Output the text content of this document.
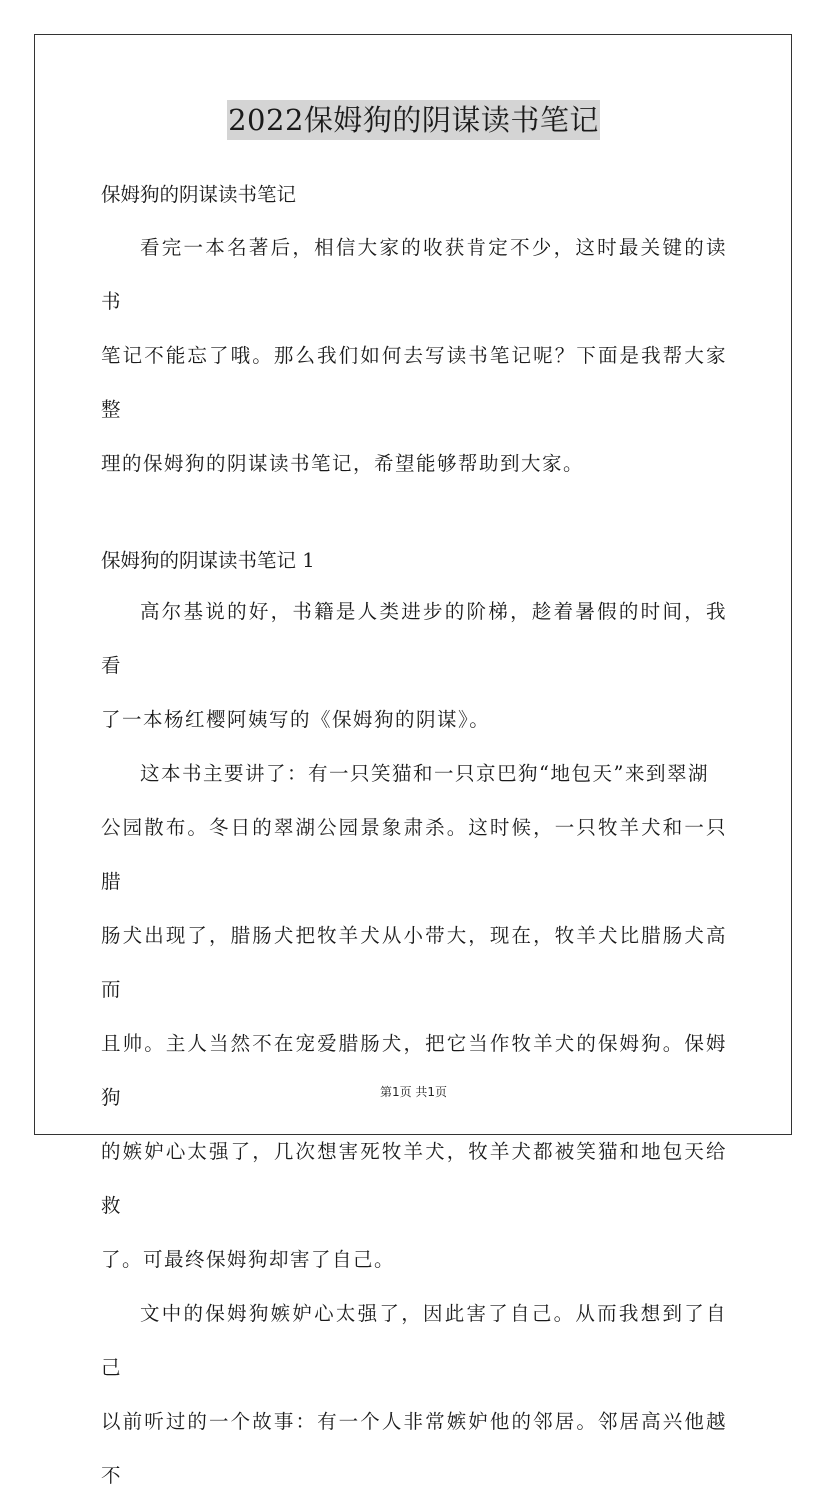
2022保姆狗的阴谋读书笔记

保姆狗的阴谋读书笔记

看完一本名著后，相信大家的收获肯定不少，这时最关键的读书
笔记不能忘了哦。那么我们如何去写读书笔记呢？下面是我帮大家整
理的保姆狗的阴谋读书笔记，希望能够帮助到大家。

保姆狗的阴谋读书笔记 1

高尔基说的好，书籍是人类进步的阶梯，趁着暑假的时间，我看
了一本杨红樱阿姨写的《保姆狗的阴谋》。

这本书主要讲了：有一只笑猫和一只京巴狗“地包天”来到翠湖
公园散布。冬日的翠湖公园景象肃杀。这时候，一只牧羊犬和一只腊
肠犬出现了，腊肠犬把牧羊犬从小带大，现在，牧羊犬比腊肠犬高而
且帅。主人当然不在宠爱腊肠犬，把它当作牧羊犬的保姆狗。保姆狗
的嫉妒心太强了，几次想害死牧羊犬，牧羊犬都被笑猫和地包天给救
了。可最终保姆狗却害了自己。

文中的保姆狗嫉妒心太强了，因此害了自己。从而我想到了自己
以前听过的一个故事：有一个人非常嫉妒他的邻居。邻居高兴他越不

第1页 共1页
